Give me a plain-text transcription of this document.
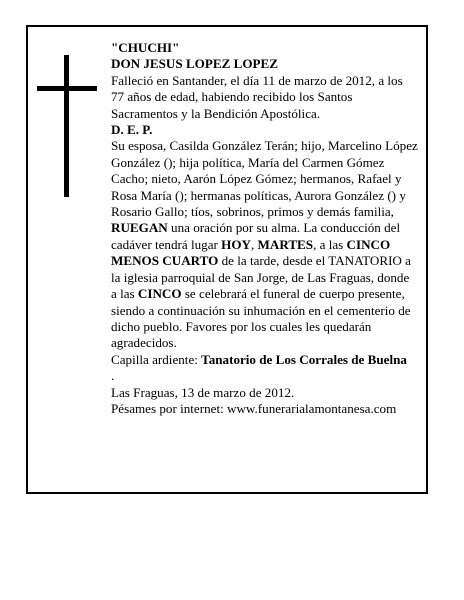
"CHUCHI"

DON JESUS LOPEZ LOPEZ

Falleció en Santander, el día 11 de marzo de 2012, a los 77 años de edad, habiendo recibido los Santos Sacramentos y la Bendición Apostólica.

D. E. P.

Su esposa, Casilda González Terán; hijo, Marcelino López González (); hija política, María del Carmen Gómez Cacho; nieto, Aarón López Gómez; hermanos, Rafael y Rosa María (); hermanas políticas, Aurora González () y Rosario Gallo; tíos, sobrinos, primos y demás familia,

RUEGAN una oración por su alma. La conducción del cadáver tendrá lugar HOY, MARTES, a las CINCO MENOS CUARTO de la tarde, desde el TANATORIO a la iglesia parroquial de San Jorge, de Las Fraguas, donde a las CINCO se celebrará el funeral de cuerpo presente, siendo a continuación su inhumación en el cementerio de dicho pueblo. Favores por los cuales les quedarán agradecidos.

Capilla ardiente: Tanatorio de Los Corrales de Buelna

.

Las Fraguas, 13 de marzo de 2012.

Pésames por internet: www.funerarialamontanesa.com
